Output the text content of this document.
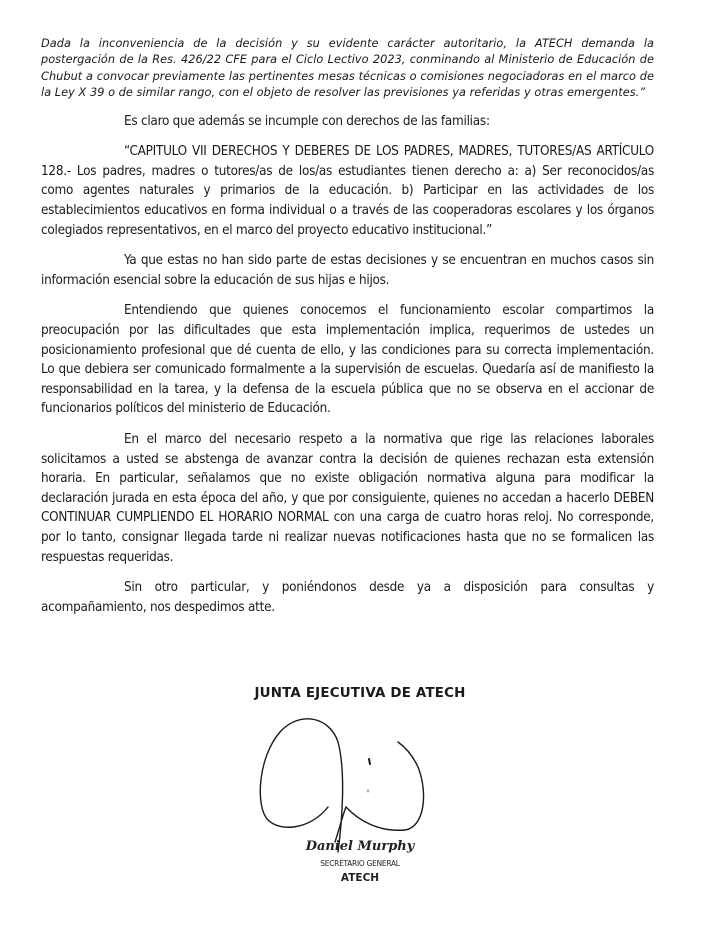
Dada la inconveniencia de la decisión y su evidente carácter autoritario, la ATECH demanda la postergación de la Res. 426/22 CFE para el Ciclo Lectivo 2023, conminando al Ministerio de Educación de Chubut a convocar previamente las pertinentes mesas técnicas o comisiones negociadoras en el marco de la Ley X 39 o de similar rango, con el objeto de resolver las previsiones ya referidas y otras emergentes.”

Es claro que además se incumple con derechos de las familias:

“CAPITULO VII DERECHOS Y DEBERES DE LOS PADRES, MADRES, TUTORES/AS ARTÍCULO 128.- Los padres, madres o tutores/as de los/as estudiantes tienen derecho a: a) Ser reconocidos/as como agentes naturales y primarios de la educación. b) Participar en las actividades de los establecimientos educativos en forma individual o a través de las cooperadoras escolares y los órganos colegiados representativos, en el marco del proyecto educativo institucional.”

Ya que estas no han sido parte de estas decisiones y se encuentran en muchos casos sin información esencial sobre la educación de sus hijas e hijos.

Entendiendo que quienes conocemos el funcionamiento escolar compartimos la preocupación por las dificultades que esta implementación implica, requerimos de ustedes un posicionamiento profesional que dé cuenta de ello, y las condiciones para su correcta implementación. Lo que debiera ser comunicado formalmente a la supervisión de escuelas. Quedaría así de manifiesto la responsabilidad en la tarea, y la defensa de la escuela pública que no se observa en el accionar de funcionarios políticos del ministerio de Educación.

En el marco del necesario respeto a la normativa que rige las relaciones laborales solicitamos a usted se abstenga de avanzar contra la decisión de quienes rechazan esta extensión horaria. En particular, señalamos que no existe obligación normativa alguna para modificar la declaración jurada en esta época del año, y que por consiguiente, quienes no accedan a hacerlo DEBEN CONTINUAR CUMPLIENDO EL HORARIO NORMAL con una carga de cuatro horas reloj. No corresponde, por lo tanto, consignar llegada tarde ni realizar nuevas notificaciones hasta que no se formalicen las respuestas requeridas.

Sin otro particular, y poniéndonos desde ya a disposición para consultas y acompañamiento, nos despedimos atte.

JUNTA EJECUTIVA DE ATECH
Daniel Murphy
SECRETARIO GENERAL
ATECH
